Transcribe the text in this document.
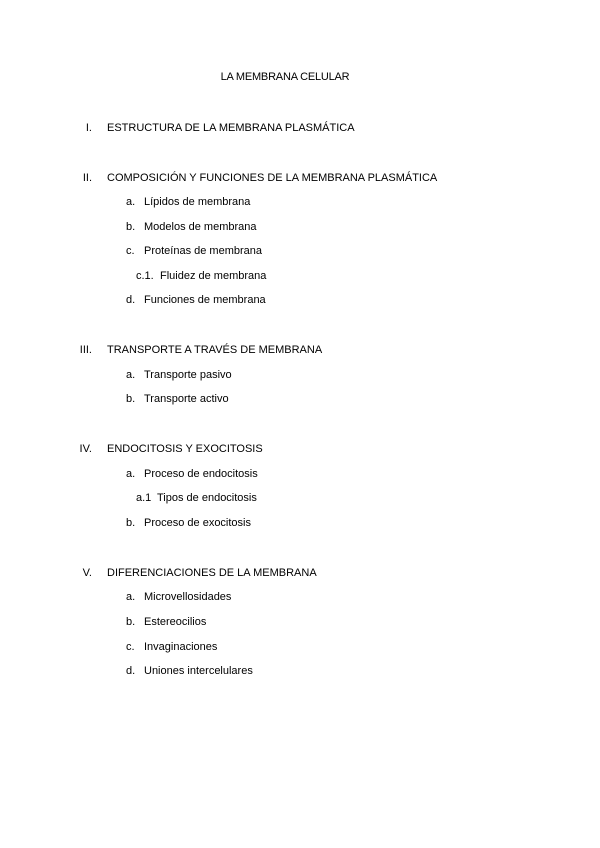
LA MEMBRANA CELULAR
I. ESTRUCTURA DE LA MEMBRANA PLASMÁTICA
II. COMPOSICIÓN Y FUNCIONES DE LA MEMBRANA PLASMÁTICA
a. Lípidos de membrana
b. Modelos de membrana
c. Proteínas de membrana
c.1. Fluidez de membrana
d. Funciones de membrana
III. TRANSPORTE A TRAVÉS DE MEMBRANA
a. Transporte pasivo
b. Transporte activo
IV. ENDOCITOSIS Y EXOCITOSIS
a. Proceso de endocitosis
a.1 Tipos de endocitosis
b. Proceso de exocitosis
V. DIFERENCIACIONES DE LA MEMBRANA
a. Microvellosidades
b. Estereocilios
c. Invaginaciones
d. Uniones intercelulares
